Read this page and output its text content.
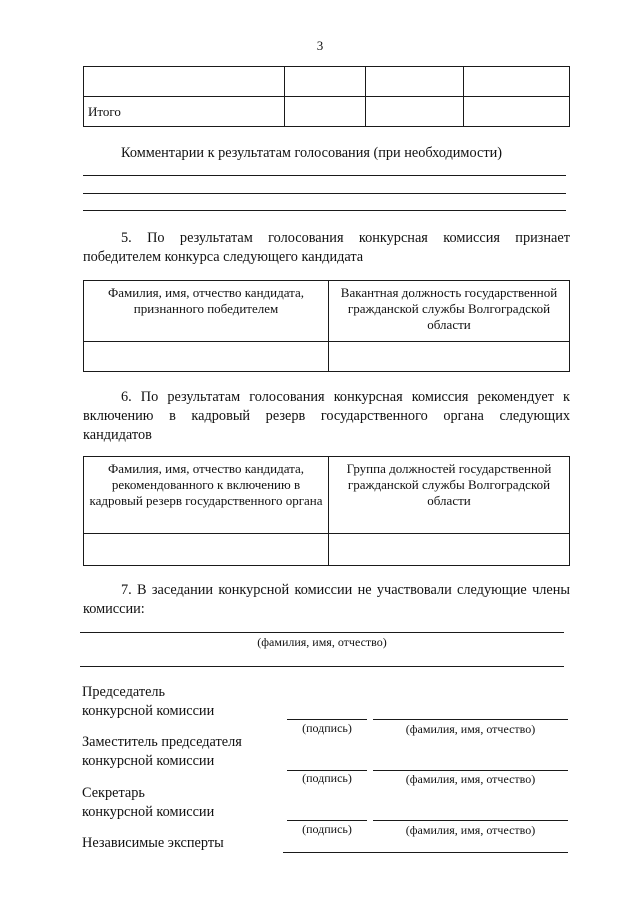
3

Итого			
Комментарии к результатам голосования (при необходимости)
5. По результатам голосования конкурсная комиссия признает победителем конкурса следующего кандидата
Фамилия, имя, отчество кандидата, признанного победителем	Вакантная должность государственной гражданской службы Волгоградской области

6. По результатам голосования конкурсная комиссия рекомендует к включению в кадровый резерв государственного органа следующих кандидатов
Фамилия, имя, отчество кандидата, рекомендованного к включению в кадровый резерв государственного органа	Группа должностей государственной гражданской службы Волгоградской области

7. В заседании конкурсной комиссии не участвовали следующие члены комиссии:
(фамилия, имя, отчество)
Председатель
конкурсной комиссии
(подпись)	(фамилия, имя, отчество)
Заместитель председателя
конкурсной комиссии
(подпись)	(фамилия, имя, отчество)
Секретарь
конкурсной комиссии
(подпись)	(фамилия, имя, отчество)
Независимые эксперты
